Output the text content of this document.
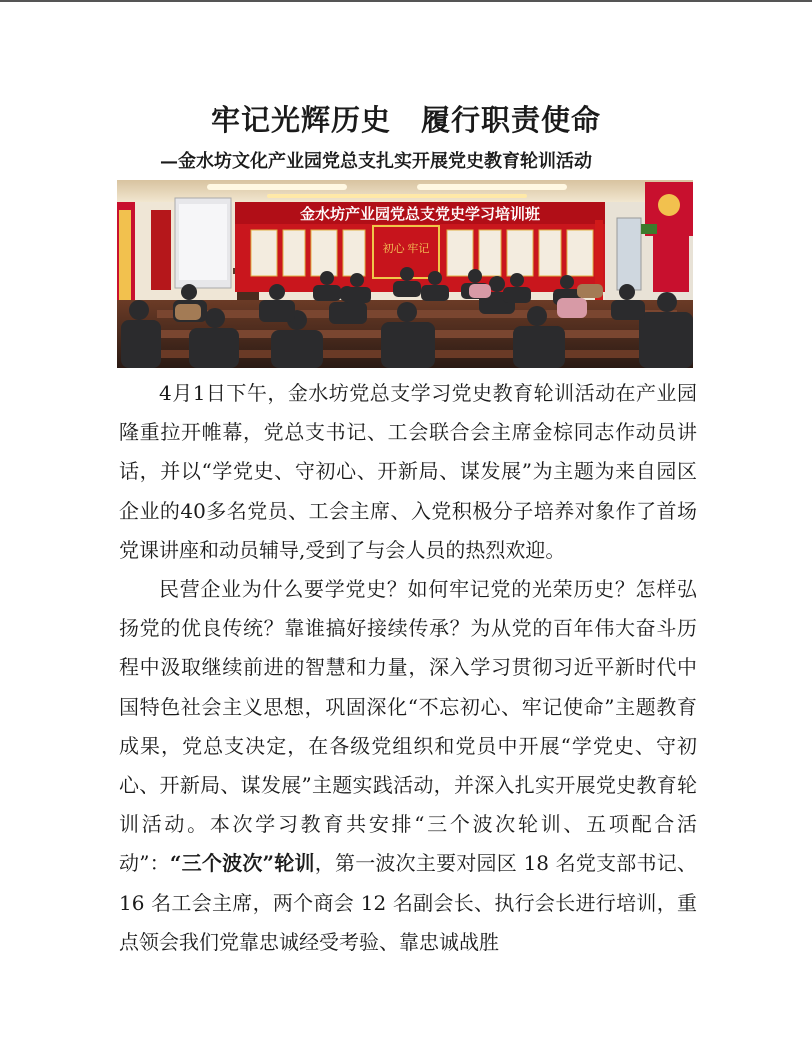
牢记光辉历史　履行职责使命
—金水坊文化产业园党总支扎实开展党史教育轮训活动
金水坊产业园党总支党史学习培训班
初心 牢记

4月1日下午，金水坊党总支学习党史教育轮训活动在产业园隆重拉开帷幕，党总支书记、工会联合会主席金棕同志作动员讲话，并以“学党史、守初心、开新局、谋发展”为主题为来自园区企业的40多名党员、工会主席、入党积极分子培养对象作了首场党课讲座和动员辅导,受到了与会人员的热烈欢迎。

民营企业为什么要学党史？如何牢记党的光荣历史？怎样弘扬党的优良传统？靠谁搞好接续传承？为从党的百年伟大奋斗历程中汲取继续前进的智慧和力量，深入学习贯彻习近平新时代中国特色社会主义思想，巩固深化“不忘初心、牢记使命”主题教育成果，党总支决定，在各级党组织和党员中开展“学党史、守初心、开新局、谋发展”主题实践活动，并深入扎实开展党史教育轮训活动。本次学习教育共安排“三个波次轮训、五项配合活动”：“三个波次”轮训，第一波次主要对园区 18 名党支部书记、16 名工会主席，两个商会 12 名副会长、执行会长进行培训，重点领会我们党靠忠诚经受考验、靠忠诚战胜
